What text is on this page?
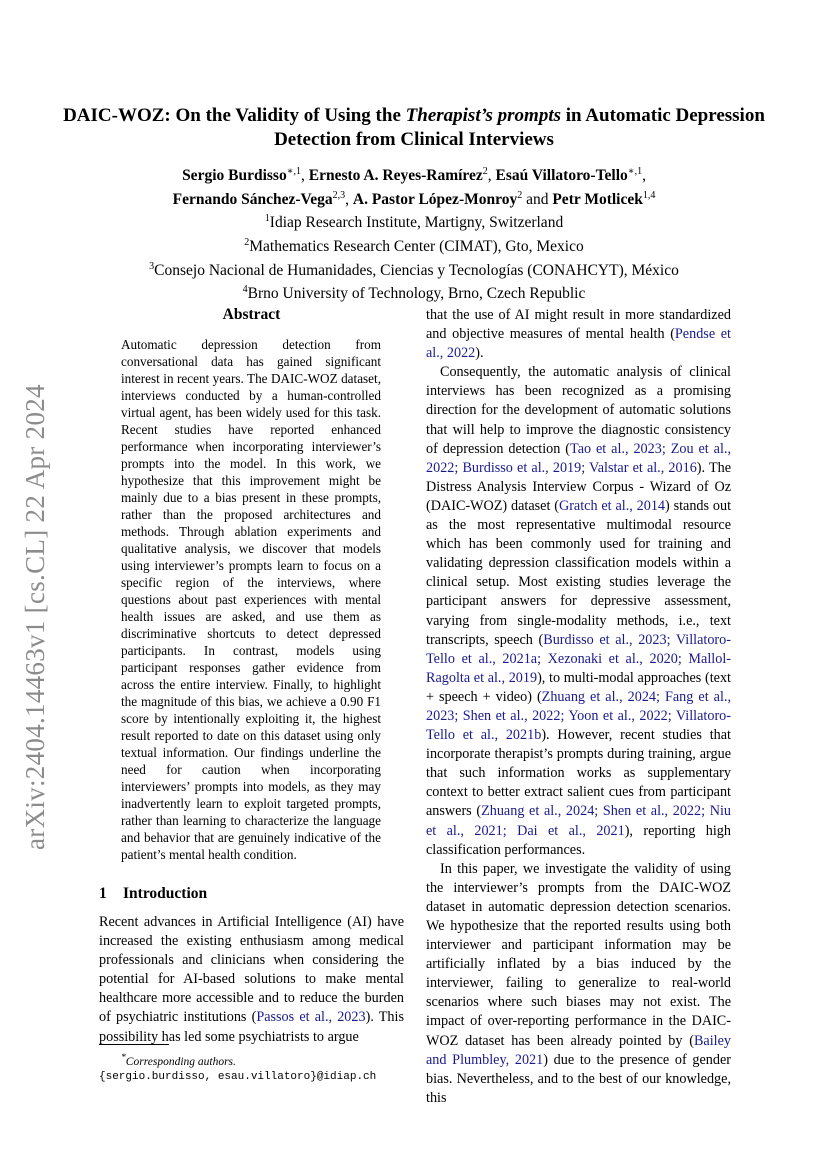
arXiv:2404.14463v1 [cs.CL] 22 Apr 2024

DAIC-WOZ: On the Validity of Using the Therapist’s prompts in Automatic Depression Detection from Clinical Interviews

Sergio Burdisso$^{∗,1}$, Ernesto A. Reyes-Ramírez$^2$, Esaú Villatoro-Tello$^{∗,1}$,
Fernando Sánchez-Vega$^{2,3}$, A. Pastor López-Monroy$^2$ and Petr Motlicek$^{1,4}$
$^1$Idiap Research Institute, Martigny, Switzerland
$^2$Mathematics Research Center (CIMAT), Gto, Mexico
$^3$Consejo Nacional de Humanidades, Ciencias y Tecnologías (CONAHCYT), México
$^4$Brno University of Technology, Brno, Czech Republic

Abstract

Automatic depression detection from conversational data has gained significant interest in recent years. The DAIC-WOZ dataset, interviews conducted by a human-controlled virtual agent, has been widely used for this task. Recent studies have reported enhanced performance when incorporating interviewer’s prompts into the model. In this work, we hypothesize that this improvement might be mainly due to a bias present in these prompts, rather than the proposed architectures and methods. Through ablation experiments and qualitative analysis, we discover that models using interviewer’s prompts learn to focus on a specific region of the interviews, where questions about past experiences with mental health issues are asked, and use them as discriminative shortcuts to detect depressed participants. In contrast, models using participant responses gather evidence from across the entire interview. Finally, to highlight the magnitude of this bias, we achieve a 0.90 F1 score by intentionally exploiting it, the highest result reported to date on this dataset using only textual information. Our findings underline the need for caution when incorporating interviewers’ prompts into models, as they may inadvertently learn to exploit targeted prompts, rather than learning to characterize the language and behavior that are genuinely indicative of the patient’s mental health condition.

1 Introduction

Recent advances in Artificial Intelligence (AI) have increased the existing enthusiasm among medical professionals and clinicians when considering the potential for AI-based solutions to make mental healthcare more accessible and to reduce the burden of psychiatric institutions (Passos et al., 2023). This possibility has led some psychiatrists to argue

that the use of AI might result in more standardized and objective measures of mental health (Pendse et al., 2022).

Consequently, the automatic analysis of clinical interviews has been recognized as a promising direction for the development of automatic solutions that will help to improve the diagnostic consistency of depression detection (Tao et al., 2023; Zou et al., 2022; Burdisso et al., 2019; Valstar et al., 2016). The Distress Analysis Interview Corpus - Wizard of Oz (DAIC-WOZ) dataset (Gratch et al., 2014) stands out as the most representative multimodal resource which has been commonly used for training and validating depression classification models within a clinical setup. Most existing studies leverage the participant answers for depressive assessment, varying from single-modality methods, i.e., text transcripts, speech (Burdisso et al., 2023; Villatoro-Tello et al., 2021a; Xezonaki et al., 2020; Mallol-Ragolta et al., 2019), to multi-modal approaches (text + speech + video) (Zhuang et al., 2024; Fang et al., 2023; Shen et al., 2022; Yoon et al., 2022; Villatoro-Tello et al., 2021b). However, recent studies that incorporate therapist’s prompts during training, argue that such information works as supplementary context to better extract salient cues from participant answers (Zhuang et al., 2024; Shen et al., 2022; Niu et al., 2021; Dai et al., 2021), reporting high classification performances.

In this paper, we investigate the validity of using the interviewer’s prompts from the DAIC-WOZ dataset in automatic depression detection scenarios. We hypothesize that the reported results using both interviewer and participant information may be artificially inflated by a bias induced by the interviewer, failing to generalize to real-world scenarios where such biases may not exist. The impact of over-reporting performance in the DAIC-WOZ dataset has been already pointed by (Bailey and Plumbley, 2021) due to the presence of gender bias. Nevertheless, and to the best of our knowledge, this

*Corresponding authors.
{sergio.burdisso, esau.villatoro}@idiap.ch
